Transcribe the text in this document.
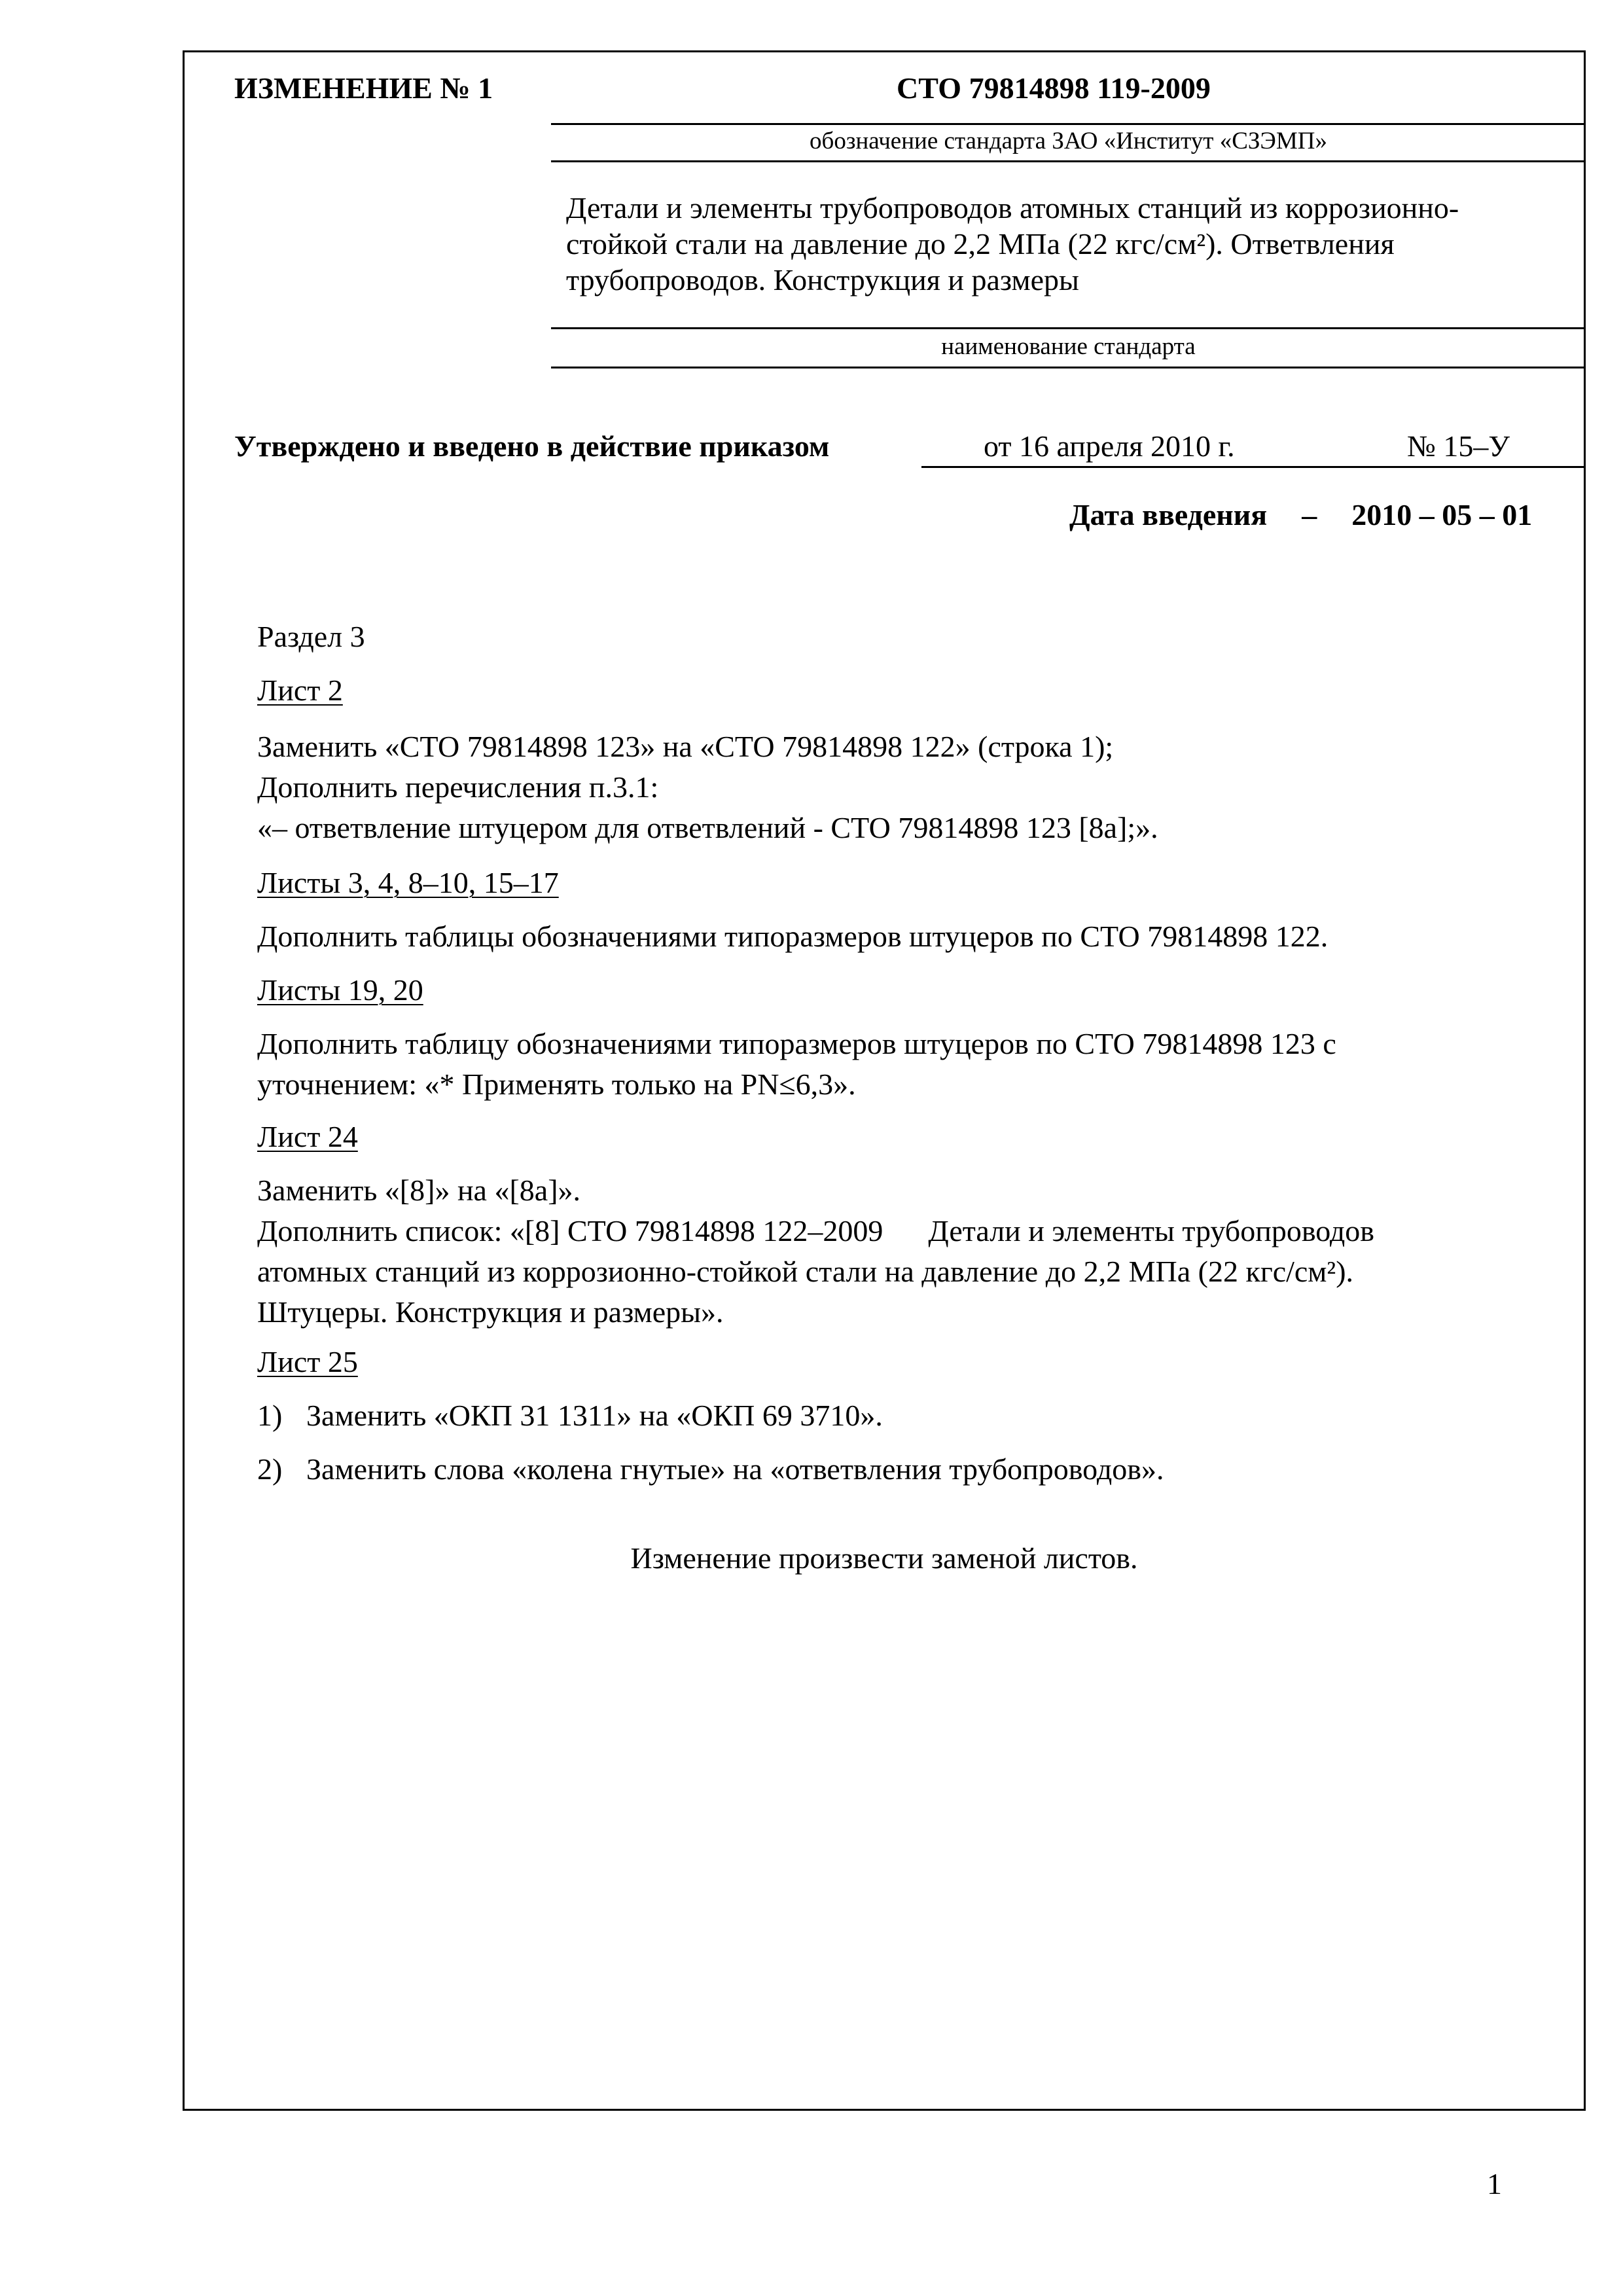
ИЗМЕНЕНИЕ № 1	СТО 79814898 119-2009
обозначение стандарта ЗАО «Институт «СЗЭМП»
Детали и элементы трубопроводов атомных станций из коррозионно-
стойкой стали на давление до 2,2 МПа (22 кгс/см²). Ответвления
трубопроводов. Конструкция и размеры
наименование стандарта
Утверждено и введено в действие приказом	от 16 апреля 2010 г.	№ 15–У
Дата введения – 2010 – 05 – 01
Раздел 3
Лист 2
Заменить «СТО 79814898 123» на «СТО 79814898 122» (строка 1);
Дополнить перечисления п.3.1:
«– ответвление штуцером для ответвлений - СТО 79814898 123 [8а];».
Листы 3, 4, 8–10, 15–17
Дополнить таблицы обозначениями типоразмеров штуцеров по СТО 79814898 122.
Листы 19, 20
Дополнить таблицу обозначениями типоразмеров штуцеров по СТО 79814898 123 с
уточнением: «* Применять только на PN≤6,3».
Лист 24
Заменить «[8]» на «[8а]».
Дополнить список: «[8] СТО 79814898 122–2009      Детали и элементы трубопроводов
атомных станций из коррозионно-стойкой стали на давление до 2,2 МПа (22 кгс/см²).
Штуцеры. Конструкция и размеры».
Лист 25
1) Заменить «ОКП 31 1311» на «ОКП 69 3710».
2) Заменить слова «колена гнутые» на «ответвления трубопроводов».
Изменение произвести заменой листов.
1
